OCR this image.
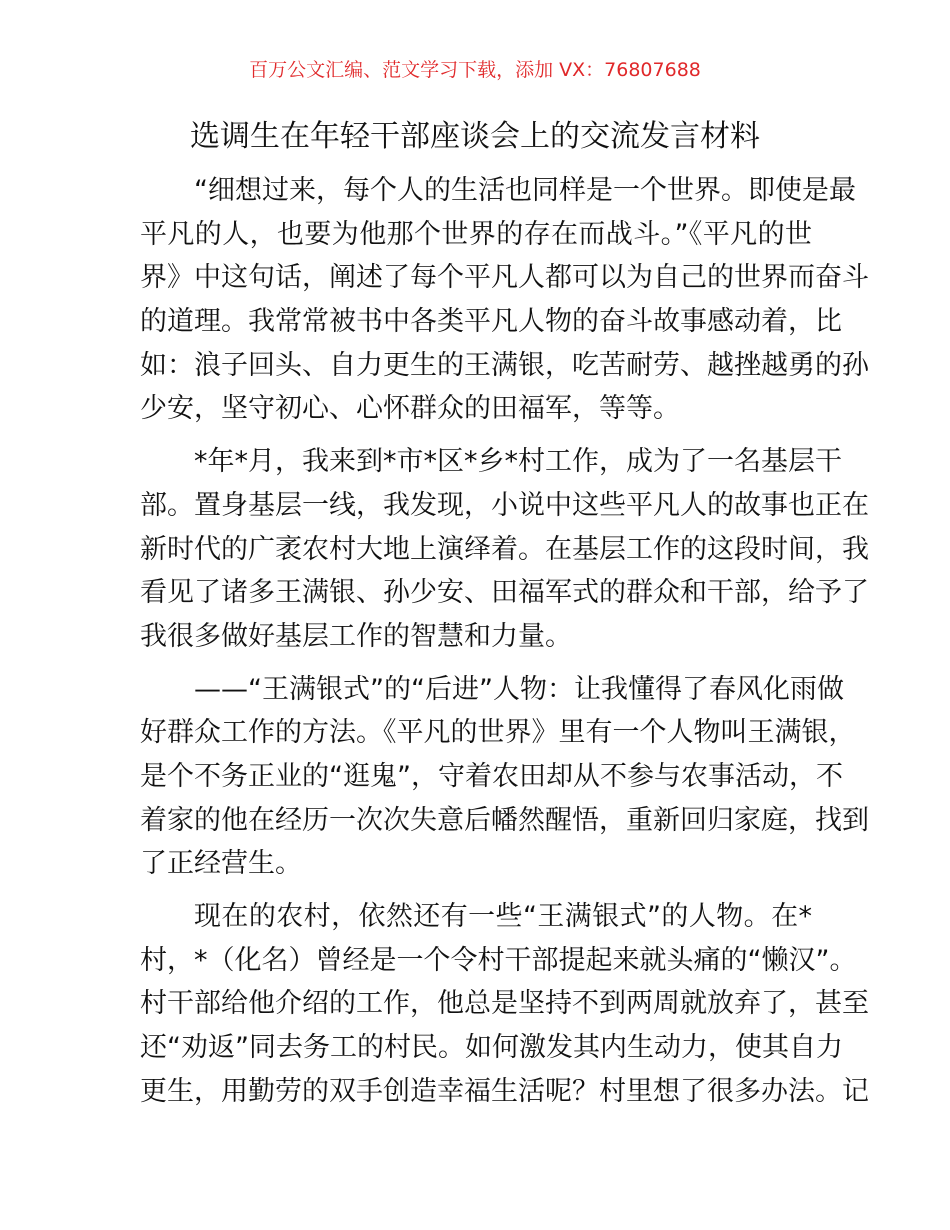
百万公文汇编、范文学习下载，添加 VX：76807688
选调生在年轻干部座谈会上的交流发言材料
“细想过来，每个人的生活也同样是一个世界。即使是最
平凡的人，也要为他那个世界的存在而战斗。”《平凡的世
界》中这句话，阐述了每个平凡人都可以为自己的世界而奋斗
的道理。我常常被书中各类平凡人物的奋斗故事感动着，比
如：浪子回头、自力更生的王满银，吃苦耐劳、越挫越勇的孙
少安，坚守初心、心怀群众的田福军，等等。
*年*月，我来到*市*区*乡*村工作，成为了一名基层干
部。置身基层一线，我发现，小说中这些平凡人的故事也正在
新时代的广袤农村大地上演绎着。在基层工作的这段时间，我
看见了诸多王满银、孙少安、田福军式的群众和干部，给予了
我很多做好基层工作的智慧和力量。
——“王满银式”的“后进”人物：让我懂得了春风化雨做
好群众工作的方法。《平凡的世界》里有一个人物叫王满银，
是个不务正业的“逛鬼”，守着农田却从不参与农事活动，不
着家的他在经历一次次失意后幡然醒悟，重新回归家庭，找到
了正经营生。
现在的农村，依然还有一些“王满银式”的人物。在*
村，*（化名）曾经是一个令村干部提起来就头痛的“懒汉”。
村干部给他介绍的工作，他总是坚持不到两周就放弃了，甚至
还“劝返”同去务工的村民。如何激发其内生动力，使其自力
更生，用勤劳的双手创造幸福生活呢？村里想了很多办法。记
